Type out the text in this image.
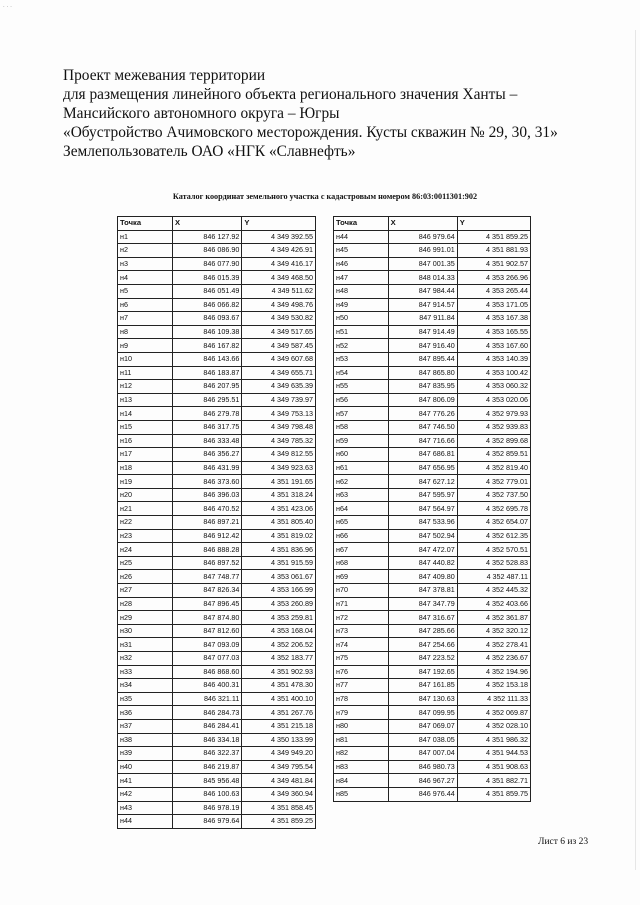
...
Проект межевания территории
для размещения линейного объекта регионального значения Ханты –
Мансийского автономного округа – Югры
«Обустройство Ачимовского месторождения. Кусты скважин № 29, 30, 31»
Землепользователь ОАО «НГК «Славнефть»
Каталог координат земельного участка с кадастровым номером 86:03:0011301:902
Точка	X	Y
н1	846 127.92	4 349 392.55
н2	846 086.90	4 349 426.91
н3	846 077.90	4 349 416.17
н4	846 015.39	4 349 468.50
н5	846 051.49	4 349 511.62
н6	846 066.82	4 349 498.76
н7	846 093.67	4 349 530.82
н8	846 109.38	4 349 517.65
н9	846 167.82	4 349 587.45
н10	846 143.66	4 349 607.68
н11	846 183.87	4 349 655.71
н12	846 207.95	4 349 635.39
н13	846 295.51	4 349 739.97
н14	846 279.78	4 349 753.13
н15	846 317.75	4 349 798.48
н16	846 333.48	4 349 785.32
н17	846 356.27	4 349 812.55
н18	846 431.99	4 349 923.63
н19	846 373.60	4 351 191.65
н20	846 396.03	4 351 318.24
н21	846 470.52	4 351 423.06
н22	846 897.21	4 351 805.40
н23	846 912.42	4 351 819.02
н24	846 888.28	4 351 836.96
н25	846 897.52	4 351 915.59
н26	847 748.77	4 353 061.67
н27	847 826.34	4 353 166.99
н28	847 896.45	4 353 260.89
н29	847 874.80	4 353 259.81
н30	847 812.60	4 353 168.04
н31	847 093.09	4 352 206.52
н32	847 077.03	4 352 183.77
н33	846 868.60	4 351 902.93
н34	846 400.31	4 351 478.30
н35	846 321.11	4 351 400.10
н36	846 284.73	4 351 267.76
н37	846 284.41	4 351 215.18
н38	846 334.18	4 350 133.99
н39	846 322.37	4 349 949.20
н40	846 219.87	4 349 795.54
н41	845 956.48	4 349 481.84
н42	846 100.63	4 349 360.94
н43	846 978.19	4 351 858.45
н44	846 979.64	4 351 859.25
Точка	X	Y
н44	846 979.64	4 351 859.25
н45	846 991.01	4 351 881.93
н46	847 001.35	4 351 902.57
н47	848 014.33	4 353 266.96
н48	847 984.44	4 353 265.44
н49	847 914.57	4 353 171.05
н50	847 911.84	4 353 167.38
н51	847 914.49	4 353 165.55
н52	847 916.40	4 353 167.60
н53	847 895.44	4 353 140.39
н54	847 865.80	4 353 100.42
н55	847 835.95	4 353 060.32
н56	847 806.09	4 353 020.06
н57	847 776.26	4 352 979.93
н58	847 746.50	4 352 939.83
н59	847 716.66	4 352 899.68
н60	847 686.81	4 352 859.51
н61	847 656.95	4 352 819.40
н62	847 627.12	4 352 779.01
н63	847 595.97	4 352 737.50
н64	847 564.97	4 352 695.78
н65	847 533.96	4 352 654.07
н66	847 502.94	4 352 612.35
н67	847 472.07	4 352 570.51
н68	847 440.82	4 352 528.83
н69	847 409.80	4 352 487.11
н70	847 378.81	4 352 445.32
н71	847 347.79	4 352 403.66
н72	847 316.67	4 352 361.87
н73	847 285.66	4 352 320.12
н74	847 254.66	4 352 278.41
н75	847 223.52	4 352 236.67
н76	847 192.65	4 352 194.96
н77	847 161.85	4 352 153.18
н78	847 130.63	4 352 111.33
н79	847 099.95	4 352 069.87
н80	847 069.07	4 352 028.10
н81	847 038.05	4 351 986.32
н82	847 007.04	4 351 944.53
н83	846 980.73	4 351 908.63
н84	846 967.27	4 351 882.71
н85	846 976.44	4 351 859.75
Лист 6 из 23
